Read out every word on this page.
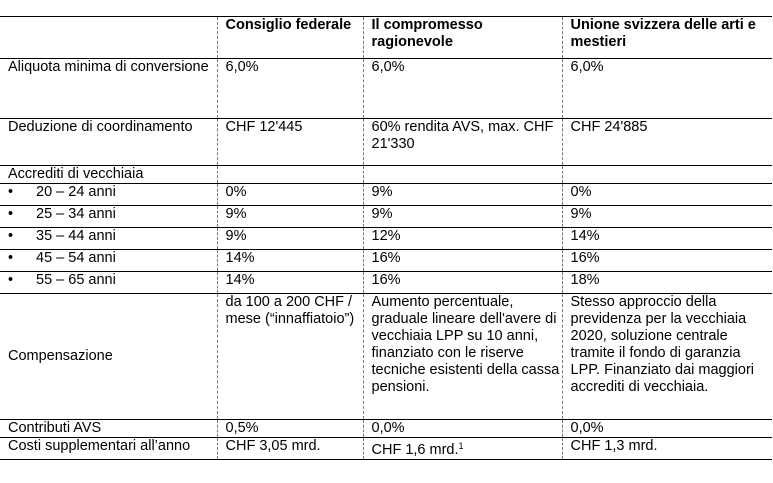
	Consiglio federale	Il compromesso ragionevole	Unione svizzera delle arti e mestieri
Aliquota minima di conversione	6,0%	6,0%	6,0%
Deduzione di coordinamento	CHF 12'445	60% rendita AVS, max. CHF 21'330	CHF 24'885
Accrediti di vecchiaia			
• 20 – 24 anni	0%	9%	0%
• 25 – 34 anni	9%	9%	9%
• 35 – 44 anni	9%	12%	14%
• 45 – 54 anni	14%	16%	16%
• 55 – 65 anni	14%	16%	18%
Compensazione	da 100 a 200 CHF / mese (“innaffiatoio”)	Aumento percentuale, graduale lineare dell'avere di vecchiaia LPP su 10 anni, finanziato con le riserve tecniche esistenti della cassa pensioni.	Stesso approccio della previdenza per la vecchiaia 2020, soluzione centrale tramite il fondo di garanzia LPP. Finanziato dai maggiori accrediti di vecchiaia.
Contributi AVS	0,5%	0,0%	0,0%
Costi supplementari all’anno	CHF 3,05 mrd.	CHF 1,6 mrd.$^1$	CHF 1,3 mrd.
